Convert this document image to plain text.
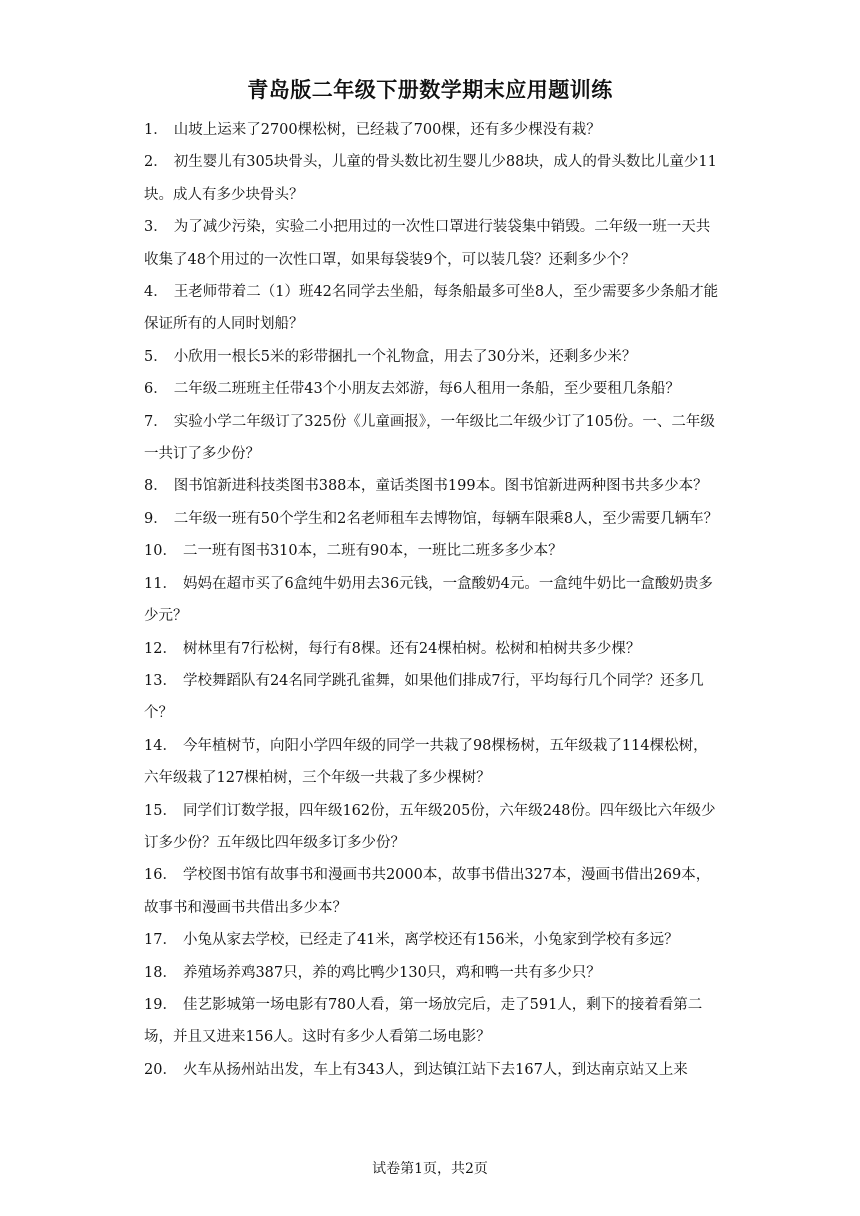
青岛版二年级下册数学期末应用题训练

1． 山坡上运来了2700棵松树，已经栽了700棵，还有多少棵没有栽？

2． 初生婴儿有305块骨头，儿童的骨头数比初生婴儿少88块，成人的骨头数比儿童少11块。成人有多少块骨头？

3． 为了减少污染，实验二小把用过的一次性口罩进行装袋集中销毁。二年级一班一天共收集了48个用过的一次性口罩，如果每袋装9个，可以装几袋？还剩多少个？

4． 王老师带着二（1）班42名同学去坐船，每条船最多可坐8人，至少需要多少条船才能保证所有的人同时划船？

5． 小欣用一根长5米的彩带捆扎一个礼物盒，用去了30分米，还剩多少米？

6． 二年级二班班主任带43个小朋友去郊游，每6人租用一条船，至少要租几条船？

7． 实验小学二年级订了325份《儿童画报》，一年级比二年级少订了105份。一、二年级一共订了多少份？

8． 图书馆新进科技类图书388本，童话类图书199本。图书馆新进两种图书共多少本？

9． 二年级一班有50个学生和2名老师租车去博物馆，每辆车限乘8人，至少需要几辆车？

10． 二一班有图书310本，二班有90本，一班比二班多多少本？

11． 妈妈在超市买了6盒纯牛奶用去36元钱，一盒酸奶4元。一盒纯牛奶比一盒酸奶贵多少元？

12． 树林里有7行松树，每行有8棵。还有24棵柏树。松树和柏树共多少棵？

13． 学校舞蹈队有24名同学跳孔雀舞，如果他们排成7行，平均每行几个同学？还多几个？

14． 今年植树节，向阳小学四年级的同学一共栽了98棵杨树，五年级栽了114棵松树，六年级栽了127棵柏树，三个年级一共栽了多少棵树？

15． 同学们订数学报，四年级162份，五年级205份，六年级248份。四年级比六年级少订多少份？五年级比四年级多订多少份？

16． 学校图书馆有故事书和漫画书共2000本，故事书借出327本，漫画书借出269本，故事书和漫画书共借出多少本？

17． 小兔从家去学校，已经走了41米，离学校还有156米，小兔家到学校有多远？

18． 养殖场养鸡387只，养的鸡比鸭少130只，鸡和鸭一共有多少只？

19． 佳艺影城第一场电影有780人看，第一场放完后，走了591人，剩下的接着看第二场，并且又进来156人。这时有多少人看第二场电影？

20． 火车从扬州站出发，车上有343人，到达镇江站下去167人，到达南京站又上来

试卷第1页，共2页
